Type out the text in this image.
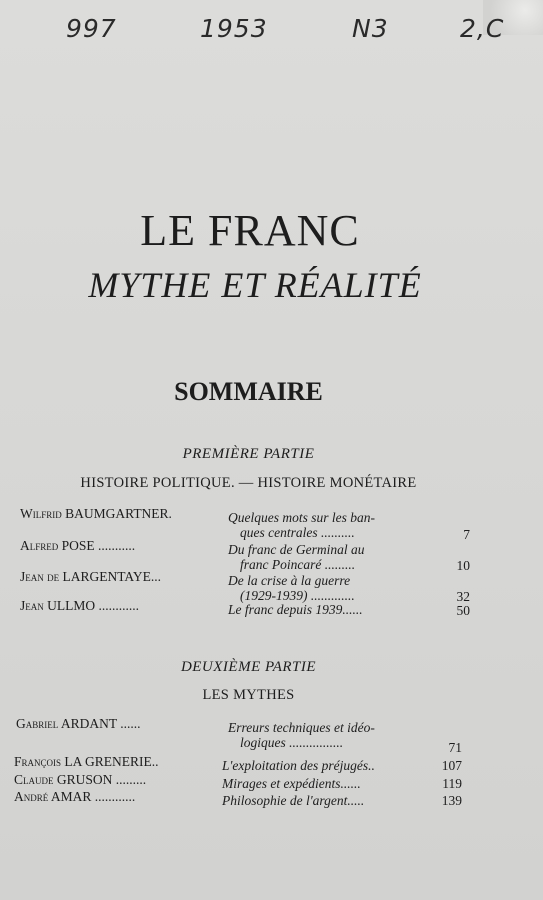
997	1953	N3	2,C
LE FRANC
MYTHE ET RÉALITÉ
SOMMAIRE
PREMIÈRE PARTIE
HISTOIRE POLITIQUE. — HISTOIRE MONÉTAIRE
Wilfrid BAUMGARTNER.	Quelques mots sur les ban-
ques centrales ..........	7
Alfred POSE ...........	Du franc de Germinal au
franc Poincaré .........	10
Jean de LARGENTAYE...	De la crise à la guerre
(1929-1939) .............	32
Jean ULLMO ............	Le franc depuis 1939......	50
DEUXIÈME PARTIE
LES MYTHES
Gabriel ARDANT ......	Erreurs techniques et idéo-
logiques ................	71
François LA GRENERIE..	L'exploitation des préjugés..	107
Claude GRUSON .........	Mirages et expédients......	119
André AMAR ............	Philosophie de l'argent.....	139
